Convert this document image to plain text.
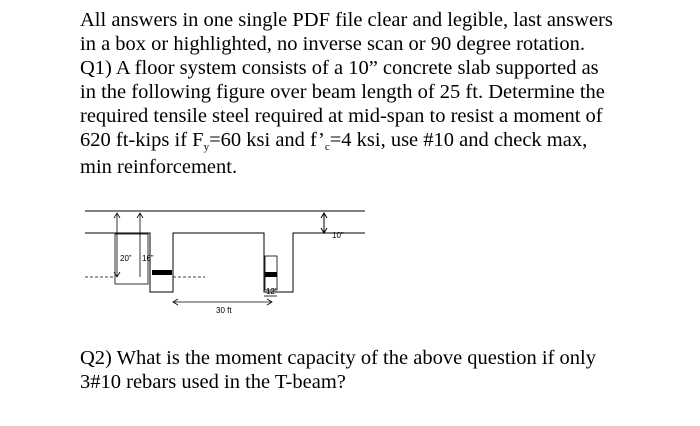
All answers in one single PDF file clear and legible, last answers
in a box or highlighted, no inverse scan or 90 degree rotation.
Q1) A floor system consists of a 10” concrete slab supported as
in the following figure over beam length of 25 ft. Determine the
required tensile steel required at mid-span to resist a moment of
620 ft-kips if Fy=60 ksi and f’c=4 ksi, use #10 and check max,
min reinforcement.
10”
20” 16”
30 ft
12”
Q2) What is the moment capacity of the above question if only
3#10 rebars used in the T-beam?
